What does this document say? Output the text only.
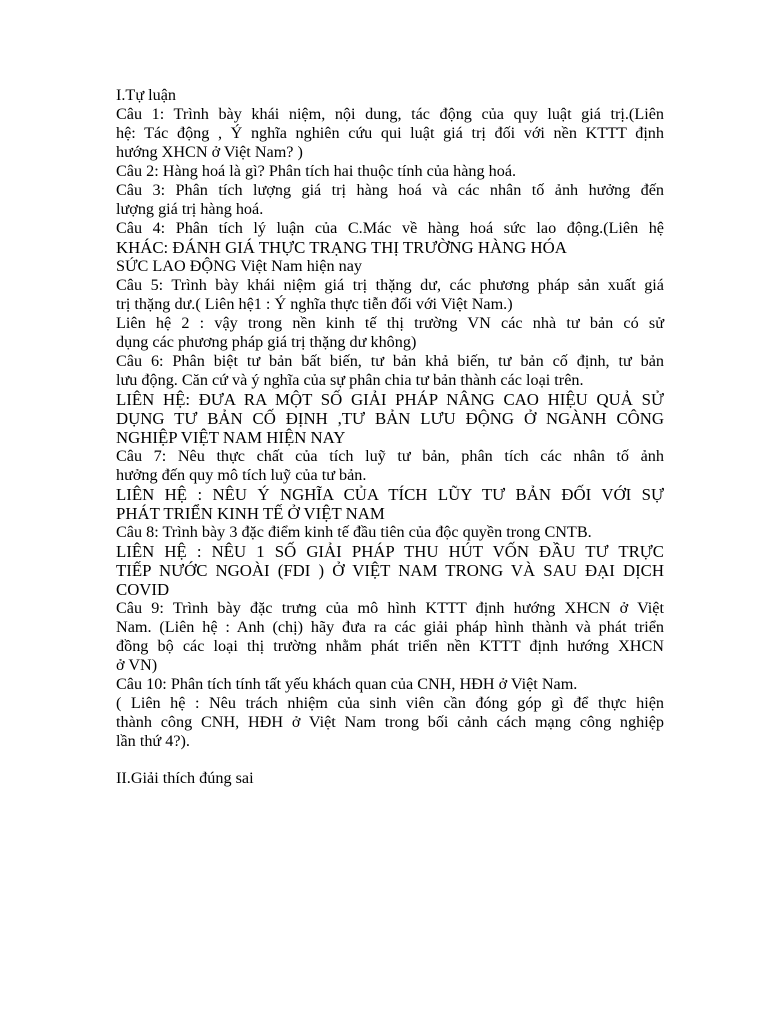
I.Tự luận

Câu 1: Trình bày khái niệm, nội dung, tác động của quy luật giá trị.(Liên

hệ: Tác động , Ý nghĩa nghiên cứu qui luật giá trị đối với nền KTTT định

hướng XHCN ở Việt Nam? )

Câu 2: Hàng hoá là gì? Phân tích hai thuộc tính của hàng hoá.

Câu 3: Phân tích lượng giá trị hàng hoá và các nhân tố ảnh hưởng đến

lượng giá trị hàng hoá.

Câu 4: Phân tích lý luận của C.Mác về hàng hoá sức lao động.(Liên hệ

KHÁC: ĐÁNH GIÁ THỰC TRẠNG THỊ TRƯỜNG HÀNG HÓA

SỨC LAO ĐỘNG Việt Nam hiện nay

Câu 5: Trình bày khái niệm giá trị thặng dư, các phương pháp sản xuất giá

trị thặng dư.( Liên hệ1 : Ý nghĩa thực tiễn đối với Việt Nam.)

Liên hệ 2 : vậy trong nền kinh tế thị trường VN các nhà tư bản có sử

dụng các phương pháp giá trị thặng dư không)

Câu 6: Phân biệt tư bản bất biến, tư bản khả biến, tư bản cố định, tư bản

lưu động. Căn cứ và ý nghĩa của sự phân chia tư bản thành các loại trên.

LIÊN HỆ: ĐƯA RA MỘT SỐ GIẢI PHÁP NÂNG CAO HIỆU QUẢ SỬ

DỤNG TƯ BẢN CỐ ĐỊNH ,TƯ BẢN LƯU ĐỘNG Ở NGÀNH CÔNG

NGHIỆP VIỆT NAM HIỆN NAY

Câu 7: Nêu thực chất của tích luỹ tư bản, phân tích các nhân tố ảnh

hưởng đến quy mô tích luỹ của tư bản.

LIÊN HỆ : NÊU Ý NGHĨA CỦA TÍCH LŨY TƯ BẢN ĐỐI VỚI SỰ

PHÁT TRIỂN KINH TẾ Ở VIỆT NAM

Câu 8: Trình bày 3 đặc điểm kinh tế đầu tiên của độc quyền trong CNTB.

LIÊN HỆ : NÊU 1 SỐ GIẢI PHÁP THU HÚT VỐN ĐẦU TƯ TRỰC

TIẾP NƯỚC NGOÀI (FDI ) Ở VIỆT NAM TRONG VÀ SAU ĐẠI DỊCH

COVID

Câu 9: Trình bày đặc trưng của mô hình KTTT định hướng XHCN ở Việt

Nam. (Liên hệ : Anh (chị) hãy đưa ra các giải pháp hình thành và phát triển

đồng bộ các loại thị trường nhằm phát triển nền KTTT định hướng XHCN

ở VN)

Câu 10: Phân tích tính tất yếu khách quan của CNH, HĐH ở Việt Nam.

( Liên hệ : Nêu trách nhiệm của sinh viên cần đóng góp gì để thực hiện

thành công CNH, HĐH ở Việt Nam trong bối cảnh cách mạng công nghiệp

lần thứ 4?).

II.Giải thích đúng sai
